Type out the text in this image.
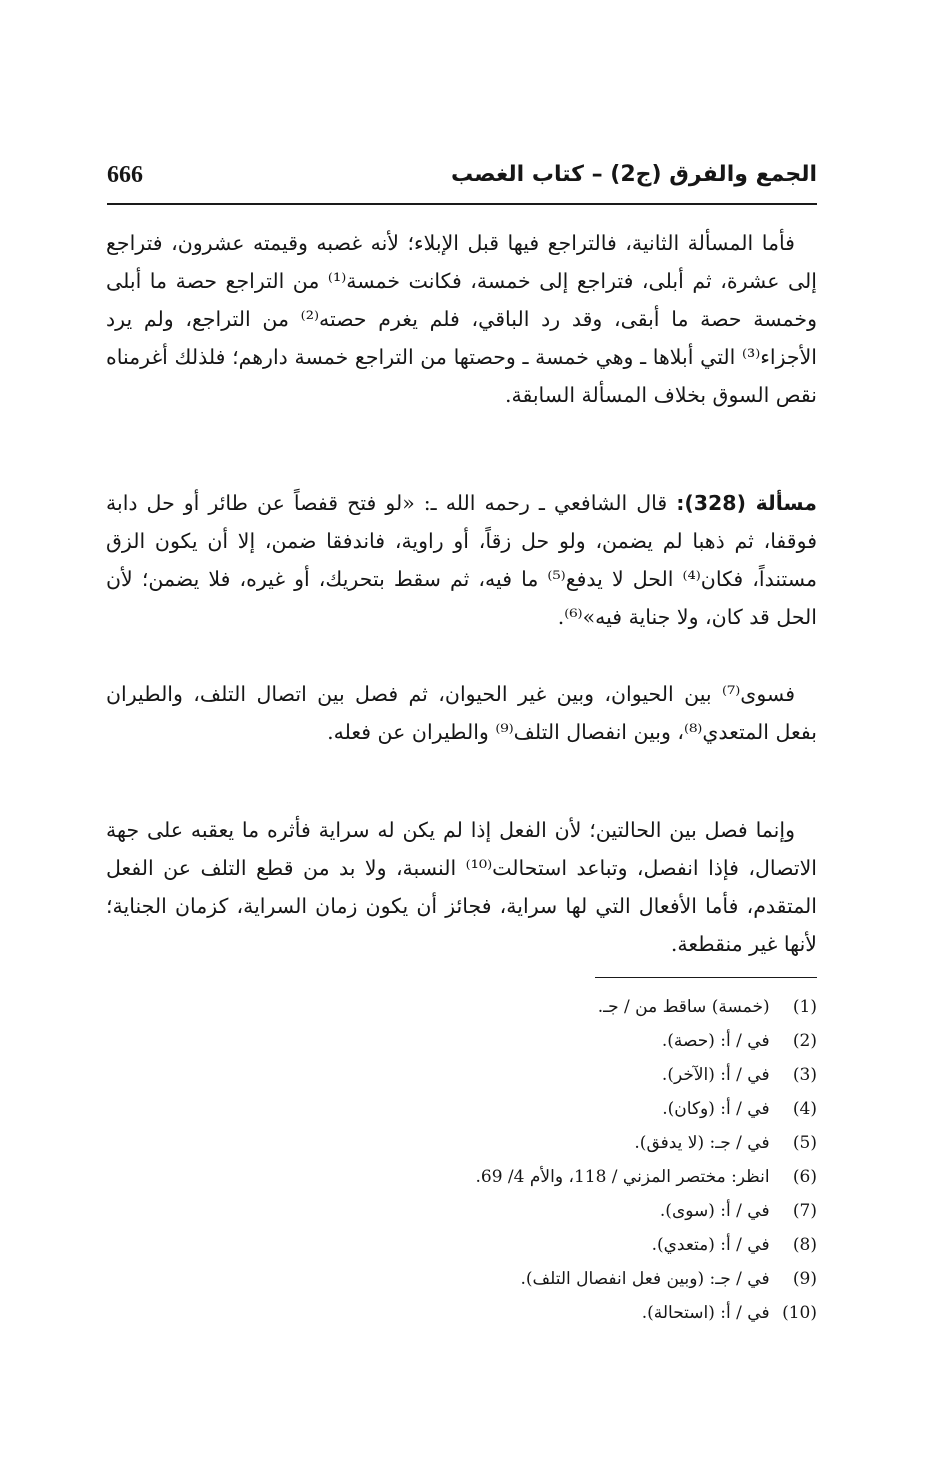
الجمع والفرق (ج2) – كتاب الغصب
666
فأما المسألة الثانية، فالتراجع فيها قبل الإبلاء؛ لأنه غصبه وقيمته عشرون، فتراجع إلى عشرة، ثم أبلى، فتراجع إلى خمسة، فكانت خمسة⁽¹⁾ من التراجع حصة ما أبلى وخمسة حصة ما أبقى، وقد رد الباقي، فلم يغرم حصته⁽²⁾ من التراجع، ولم يرد الأجزاء⁽³⁾ التي أبلاها ـ وهي خمسة ـ وحصتها من التراجع خمسة دارهم؛ فلذلك أغرمناه نقص السوق بخلاف المسألة السابقة.
مسألة (328): قال الشافعي ـ رحمه الله ـ: «لو فتح قفصاً عن طائر أو حل دابة فوقفا، ثم ذهبا لم يضمن، ولو حل زقاً، أو راوية، فاندفقا ضمن، إلا أن يكون الزق مستنداً، فكان⁽⁴⁾ الحل لا يدفع⁽⁵⁾ ما فيه، ثم سقط بتحريك، أو غيره، فلا يضمن؛ لأن الحل قد كان، ولا جناية فيه»⁽⁶⁾.
فسوى⁽⁷⁾ بين الحيوان، وبين غير الحيوان، ثم فصل بين اتصال التلف، والطيران بفعل المتعدي⁽⁸⁾، وبين انفصال التلف⁽⁹⁾ والطيران عن فعله.
وإنما فصل بين الحالتين؛ لأن الفعل إذا لم يكن له سراية فأثره ما يعقبه على جهة الاتصال، فإذا انفصل، وتباعد استحالت⁽¹⁰⁾ النسبة، ولا بد من قطع التلف عن الفعل المتقدم، فأما الأفعال التي لها سراية، فجائز أن يكون زمان السراية، كزمان الجناية؛ لأنها غير منقطعة.
(1) (خمسة) ساقط من / جـ.
(2) في / أ: (حصة).
(3) في / أ: (الآخر).
(4) في / أ: (وكان).
(5) في / جـ: (لا يدفق).
(6) انظر: مختصر المزني / 118، والأم 4/ 69.
(7) في / أ: (سوى).
(8) في / أ: (متعدي).
(9) في / جـ: (وبين فعل انفصال التلف).
(10) في / أ: (استحالة).
